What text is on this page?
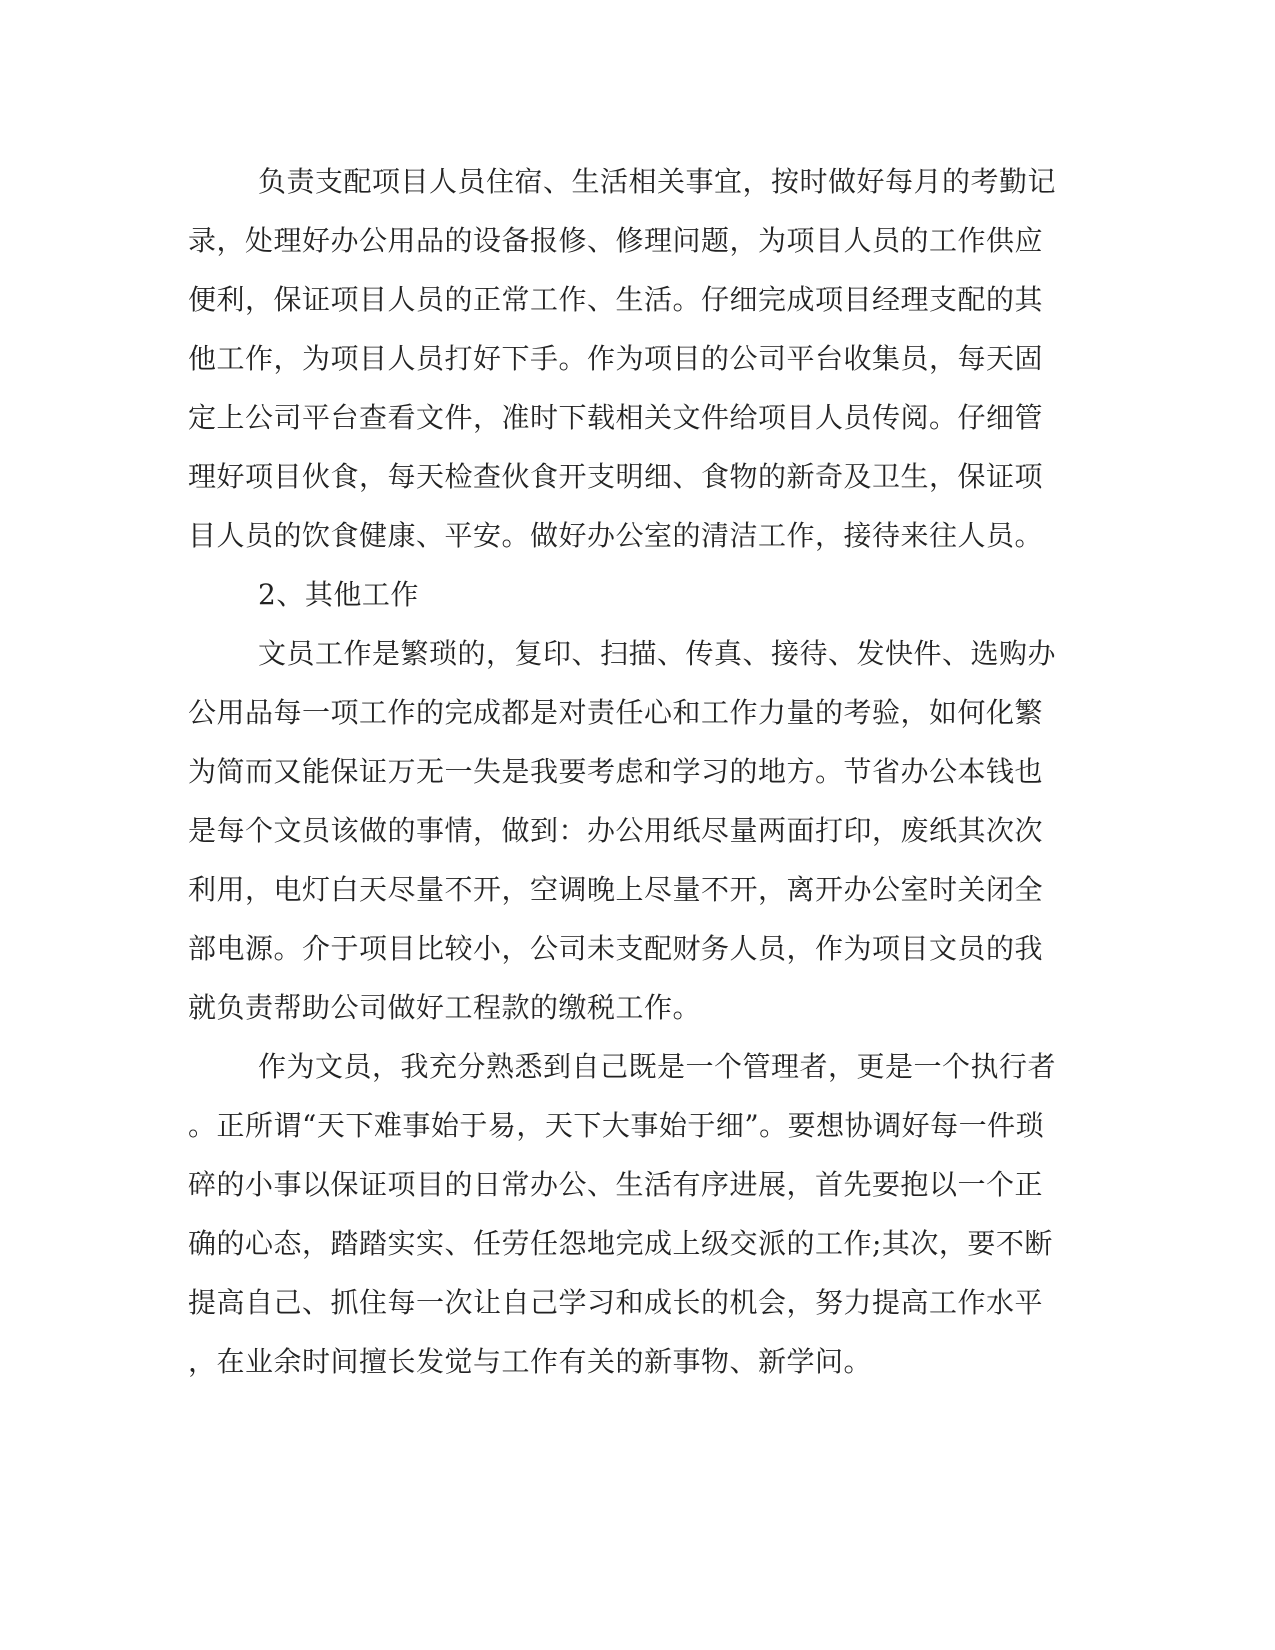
负责支配项目人员住宿、生活相关事宜，按时做好每月的考勤记

录，处理好办公用品的设备报修、修理问题，为项目人员的工作供应

便利，保证项目人员的正常工作、生活。仔细完成项目经理支配的其

他工作，为项目人员打好下手。作为项目的公司平台收集员，每天固

定上公司平台查看文件，准时下载相关文件给项目人员传阅。仔细管

理好项目伙食，每天检查伙食开支明细、食物的新奇及卫生，保证项

目人员的饮食健康、平安。做好办公室的清洁工作，接待来往人员。

2、其他工作

文员工作是繁琐的，复印、扫描、传真、接待、发快件、选购办

公用品每一项工作的完成都是对责任心和工作力量的考验，如何化繁

为简而又能保证万无一失是我要考虑和学习的地方。节省办公本钱也

是每个文员该做的事情，做到：办公用纸尽量两面打印，废纸其次次

利用，电灯白天尽量不开，空调晚上尽量不开，离开办公室时关闭全

部电源。介于项目比较小，公司未支配财务人员，作为项目文员的我

就负责帮助公司做好工程款的缴税工作。

作为文员，我充分熟悉到自己既是一个管理者，更是一个执行者

。正所谓“天下难事始于易，天下大事始于细”。要想协调好每一件琐

碎的小事以保证项目的日常办公、生活有序进展，首先要抱以一个正

确的心态，踏踏实实、任劳任怨地完成上级交派的工作;其次，要不断

提高自己、抓住每一次让自己学习和成长的机会，努力提高工作水平

，在业余时间擅长发觉与工作有关的新事物、新学问。
